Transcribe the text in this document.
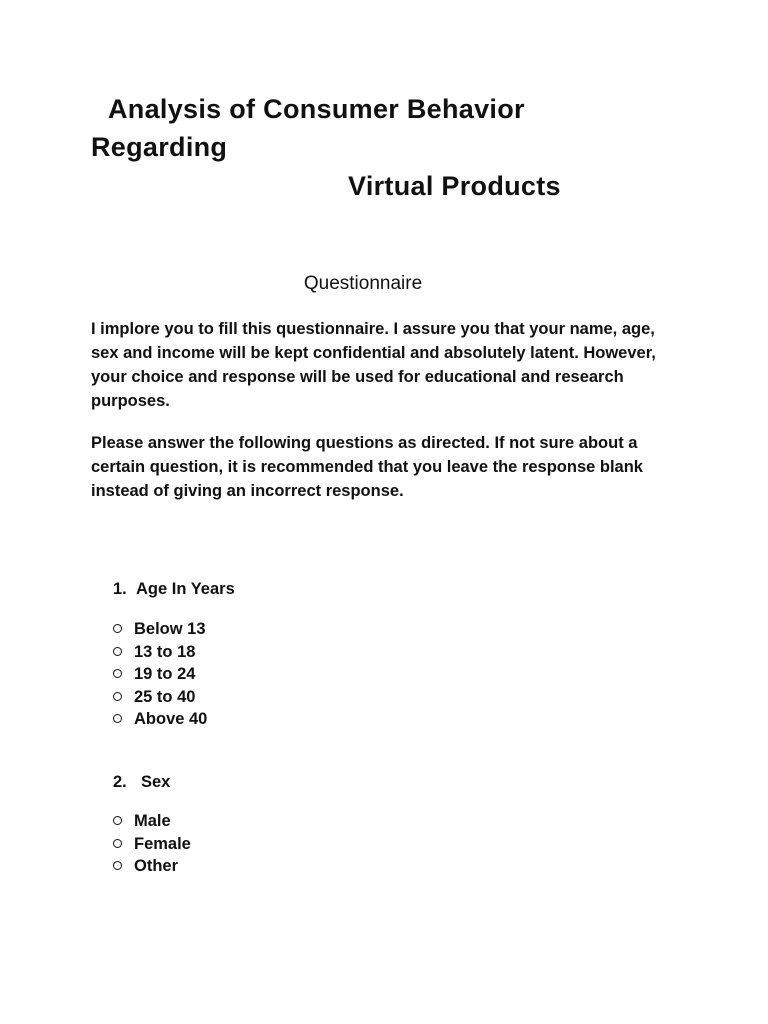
Analysis of Consumer Behavior
Regarding
Virtual Products
Questionnaire
I implore you to fill this questionnaire. I assure you that your name, age, sex and income will be kept confidential and absolutely latent. However, your choice and response will be used for educational and research purposes.
Please answer the following questions as directed. If not sure about a certain question, it is recommended that you leave the response blank instead of giving an incorrect response.
1. Age In Years
Below 13
13 to 18
19 to 24
25 to 40
Above 40
2. Sex
Male
Female
Other
